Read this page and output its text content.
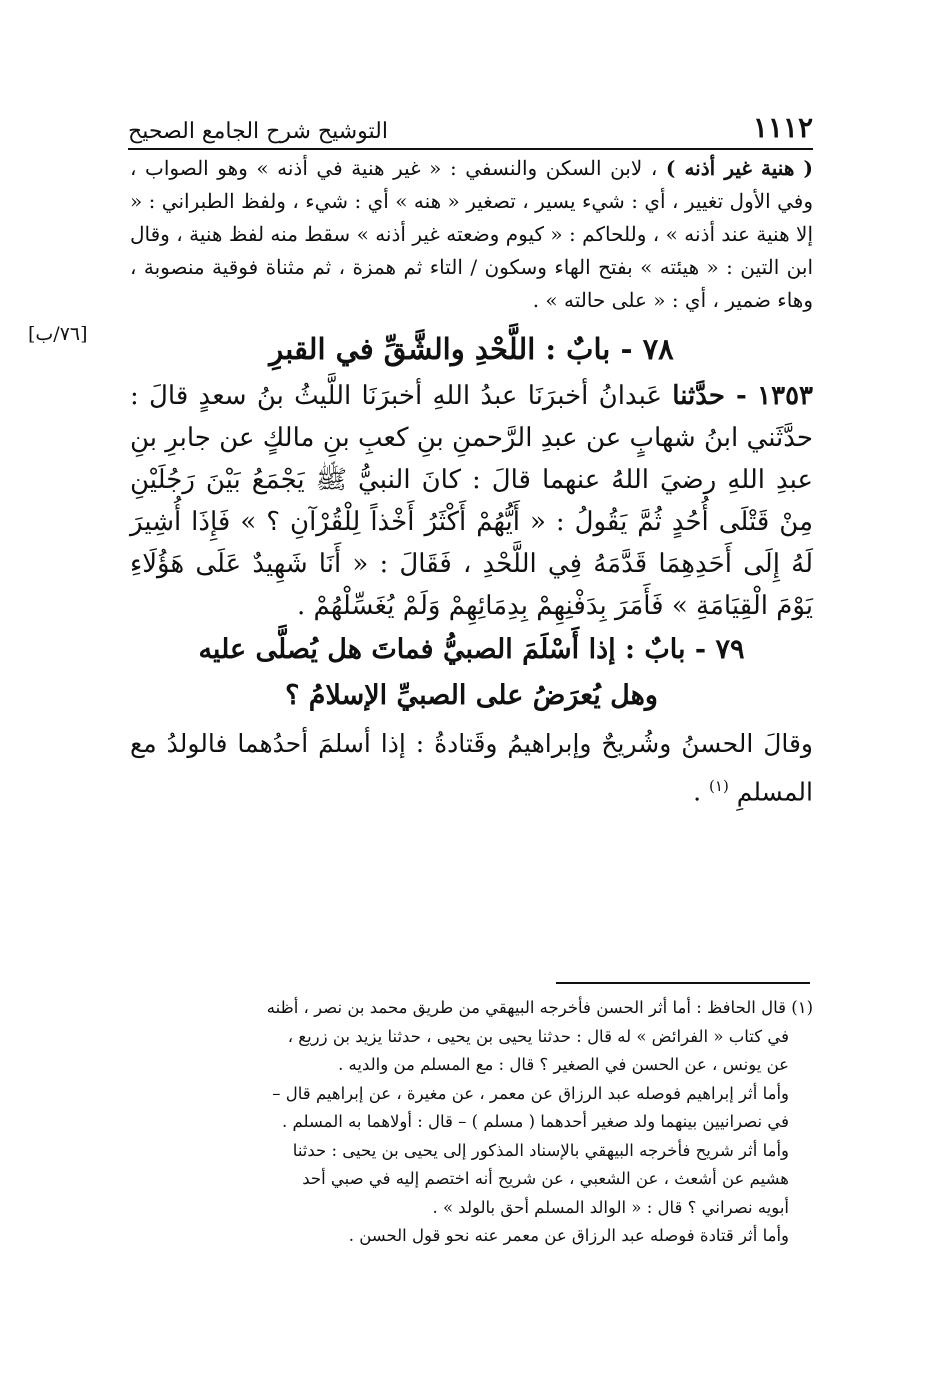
١١١٢
التوشيح شرح الجامع الصحيح
[٧٦/ب]

( هنية غير أذنه ) ، لابن السكن والنسفي : « غير هنية في أذنه » وهو الصواب ، وفي الأول تغيير ، أي : شيء يسير ، تصغير « هنه » أي : شيء ، ولفظ الطبراني : « إلا هنية عند أذنه » ، وللحاكم : « كيوم وضعته غير أذنه » سقط منه لفظ هنية ، وقال ابن التين : « هيئته » بفتح الهاء وسكون / التاء ثم همزة ، ثم مثناة فوقية منصوبة ، وهاء ضمير ، أي : « على حالته » .

٧٨ - بابٌ : اللَّحْدِ والشَّقِّ في القبرِ

١٣٥٣ - حدَّثنا عَبدانُ أخبرَنَا عبدُ اللهِ أخبرَنَا اللَّيثُ بنُ سعدٍ قالَ : حدَّثَني ابنُ شهابٍ عن عبدِ الرَّحمنِ بنِ كعبِ بنِ مالكٍ عن جابرِ بنِ عبدِ اللهِ رضيَ اللهُ عنهما قالَ : كانَ النبيُّ ﷺ يَجْمَعُ بَيْنَ رَجُلَيْنِ مِنْ قَتْلَى أُحُدٍ ثُمَّ يَقُولُ : « أَيُّهُمْ أَكْثَرُ أَخْذاً لِلْقُرْآنِ ؟ » فَإِذَا أُشِيرَ لَهُ إِلَى أَحَدِهِمَا قَدَّمَهُ فِي اللَّحْدِ ، فَقَالَ : « أَنَا شَهِيدٌ عَلَى هَؤُلَاءِ يَوْمَ الْقِيَامَةِ » فَأَمَرَ بِدَفْنِهِمْ بِدِمَائِهِمْ وَلَمْ يُغَسِّلْهُمْ .

٧٩ - بابٌ : إذا أَسْلَمَ الصبيُّ فماتَ هل يُصلَّى عليه
وهل يُعرَضُ على الصبيِّ الإسلامُ ؟

وقالَ الحسنُ وشُريحٌ وإبراهيمُ وقَتادةُ : إذا أسلمَ أحدُهما فالولدُ مع المسلمِ $^{(١)}$ .

(١) قال الحافظ : أما أثر الحسن فأخرجه البيهقي من طريق محمد بن نصر ، أظنه

في كتاب « الفرائض » له قال : حدثنا يحيى بن يحيى ، حدثنا يزيد بن زريع ،

عن يونس ، عن الحسن في الصغير ؟ قال : مع المسلم من والديه .

وأما أثر إبراهيم فوصله عبد الرزاق عن معمر ، عن مغيرة ، عن إبراهيم قال –

في نصرانيين بينهما ولد صغير أحدهما ( مسلم ) – قال : أولاهما به المسلم .

وأما أثر شريح فأخرجه البيهقي بالإسناد المذكور إلى يحيى بن يحيى : حدثنا

هشيم عن أشعث ، عن الشعبي ، عن شريح أنه اختصم إليه في صبي أحد

أبويه نصراني ؟ قال : « الوالد المسلم أحق بالولد » .

وأما أثر قتادة فوصله عبد الرزاق عن معمر عنه نحو قول الحسن .
